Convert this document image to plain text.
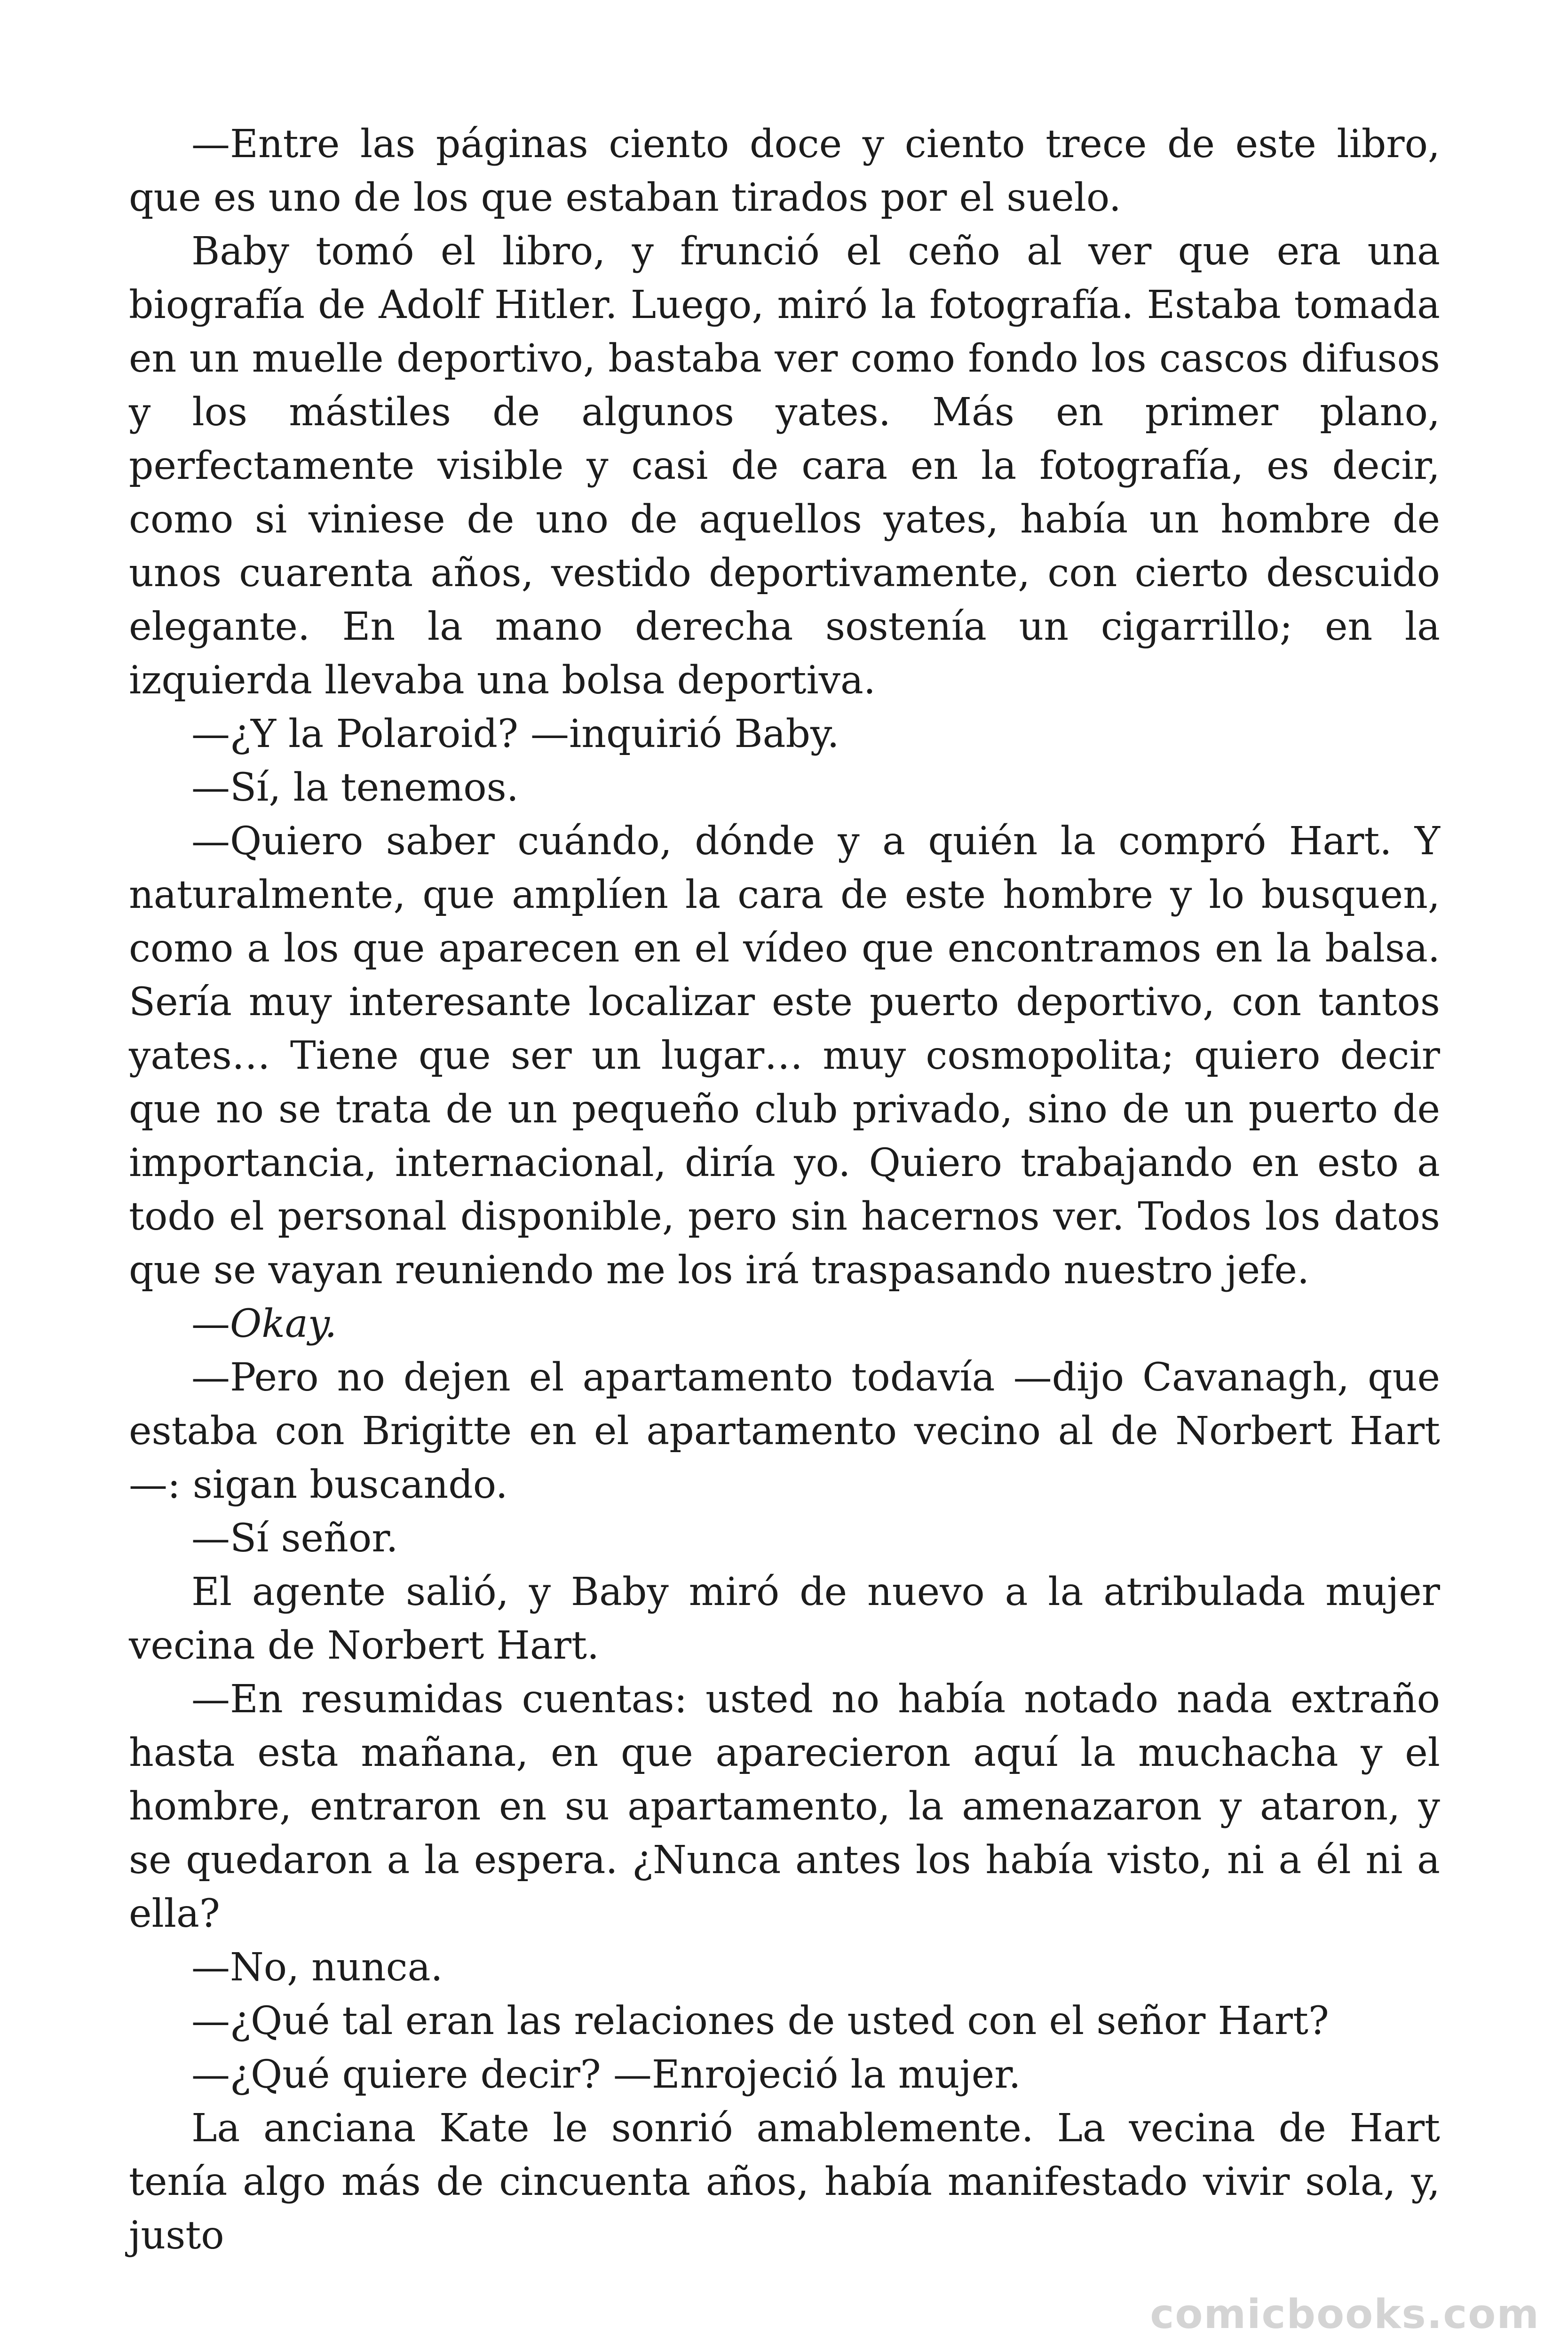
—Entre las páginas ciento doce y ciento trece de este libro, que es uno de los que estaban tirados por el suelo.

Baby tomó el libro, y frunció el ceño al ver que era una biografía de Adolf Hitler. Luego, miró la fotografía. Estaba tomada en un muelle deportivo, bastaba ver como fondo los cascos difusos y los mástiles de algunos yates. Más en primer plano, perfectamente visible y casi de cara en la fotografía, es decir, como si viniese de uno de aquellos yates, había un hombre de unos cuarenta años, vestido deportivamente, con cierto descuido elegante. En la mano derecha sostenía un cigarrillo; en la izquierda llevaba una bolsa deportiva.

—¿Y la Polaroid? —inquirió Baby.

—Sí, la tenemos.

—Quiero saber cuándo, dónde y a quién la compró Hart. Y naturalmente, que amplíen la cara de este hombre y lo busquen, como a los que aparecen en el vídeo que encontramos en la balsa. Sería muy interesante localizar este puerto deportivo, con tantos yates… Tiene que ser un lugar… muy cosmopolita; quiero decir que no se trata de un pequeño club privado, sino de un puerto de importancia, internacional, diría yo. Quiero trabajando en esto a todo el personal disponible, pero sin hacernos ver. Todos los datos que se vayan reuniendo me los irá traspasando nuestro jefe.

—Okay.

—Pero no dejen el apartamento todavía —dijo Cavanagh, que estaba con Brigitte en el apartamento vecino al de Norbert Hart—: sigan buscando.

—Sí señor.

El agente salió, y Baby miró de nuevo a la atribulada mujer vecina de Norbert Hart.

—En resumidas cuentas: usted no había notado nada extraño hasta esta mañana, en que aparecieron aquí la muchacha y el hombre, entraron en su apartamento, la amenazaron y ataron, y se quedaron a la espera. ¿Nunca antes los había visto, ni a él ni a ella?

—No, nunca.

—¿Qué tal eran las relaciones de usted con el señor Hart?

—¿Qué quiere decir? —Enrojeció la mujer.

La anciana Kate le sonrió amablemente. La vecina de Hart tenía algo más de cincuenta años, había manifestado vivir sola, y, justo

comicbooks.com
